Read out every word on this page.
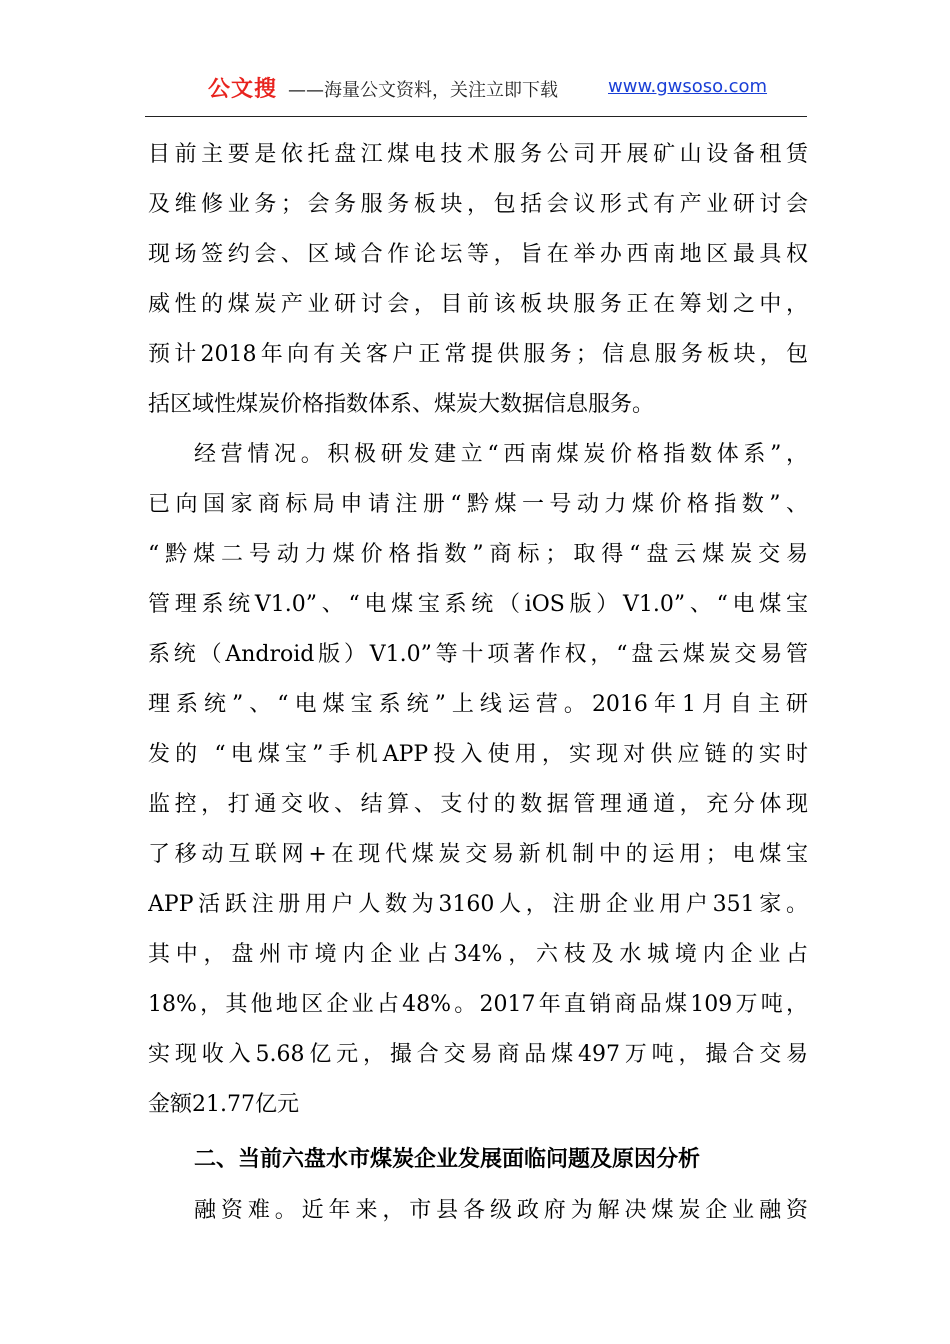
公文搜 ——海量公文资料，关注立即下载	www.gwsoso.com
目前主要是依托盘江煤电技术服务公司开展矿山设备租赁
及维修业务；会务服务板块，包括会议形式有产业研讨会
现场签约会、区域合作论坛等，旨在举办西南地区最具权
威性的煤炭产业研讨会，目前该板块服务正在筹划之中，
预计2018年向有关客户正常提供服务；信息服务板块，包
括区域性煤炭价格指数体系、煤炭大数据信息服务。
经营情况。积极研发建立“西南煤炭价格指数体系”，
已向国家商标局申请注册“黔煤一号动力煤价格指数”、
“黔煤二号动力煤价格指数”商标；取得“盘云煤炭交易
管理系统V1.0”、“电煤宝系统（iOS版）V1.0”、“电煤宝
系统（Android版）V1.0”等十项著作权，“盘云煤炭交易管
理系统”、“电煤宝系统”上线运营。2016年1月自主研
发的 “电煤宝”手机APP投入使用，实现对供应链的实时
监控，打通交收、结算、支付的数据管理通道，充分体现
了移动互联网+在现代煤炭交易新机制中的运用；电煤宝
APP活跃注册用户人数为3160人，注册企业用户351家。
其中，盘州市境内企业占34%，六枝及水城境内企业占
18%，其他地区企业占48%。2017年直销商品煤109万吨，
实现收入5.68亿元，撮合交易商品煤497万吨，撮合交易
金额21.77亿元
二、当前六盘水市煤炭企业发展面临问题及原因分析
融资难。近年来，市县各级政府为解决煤炭企业融资
